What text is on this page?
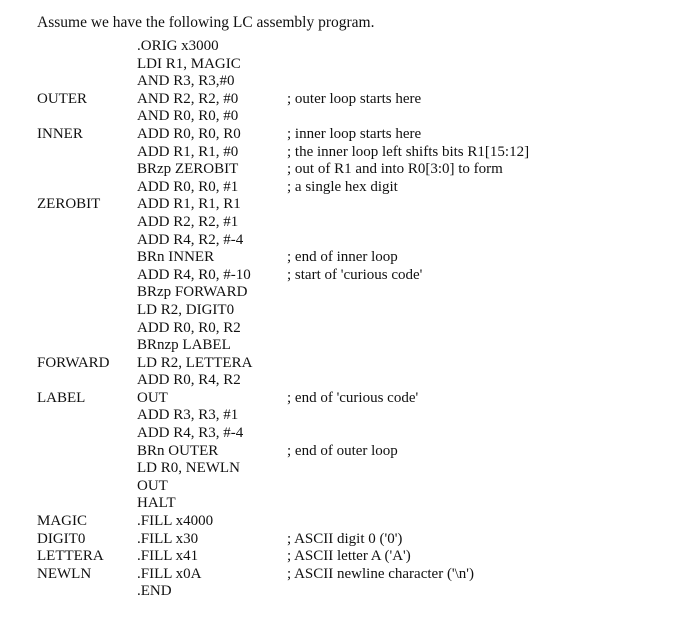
Assume we have the following LC assembly program.
.ORIG x3000
LDI R1, MAGIC
AND R3, R3,#0
OUTER	AND R2, R2, #0	; outer loop starts here
AND R0, R0, #0
INNER	ADD R0, R0, R0	; inner loop starts here
ADD R1, R1, #0	; the inner loop left shifts bits R1[15:12]
BRzp ZEROBIT	; out of R1 and into R0[3:0] to form
ADD R0, R0, #1	; a single hex digit
ZEROBIT ADD R1, R1, R1
ADD R2, R2, #1
ADD R4, R2, #-4
BRn INNER	; end of inner loop
ADD R4, R0, #-10 ; start of 'curious code'
BRzp FORWARD
LD R2, DIGIT0
ADD R0, R0, R2
BRnzp LABEL
FORWARD LD R2, LETTERA
ADD R0, R4, R2
LABEL	OUT	; end of 'curious code'
ADD R3, R3, #1
ADD R4, R3, #-4
BRn OUTER	; end of outer loop
LD R0, NEWLN
OUT
HALT
MAGIC	.FILL x4000
DIGIT0	.FILL x30	; ASCII digit 0 ('0')
LETTERA .FILL x41	; ASCII letter A ('A')
NEWLN	.FILL x0A	; ASCII newline character ('\n')
.END
